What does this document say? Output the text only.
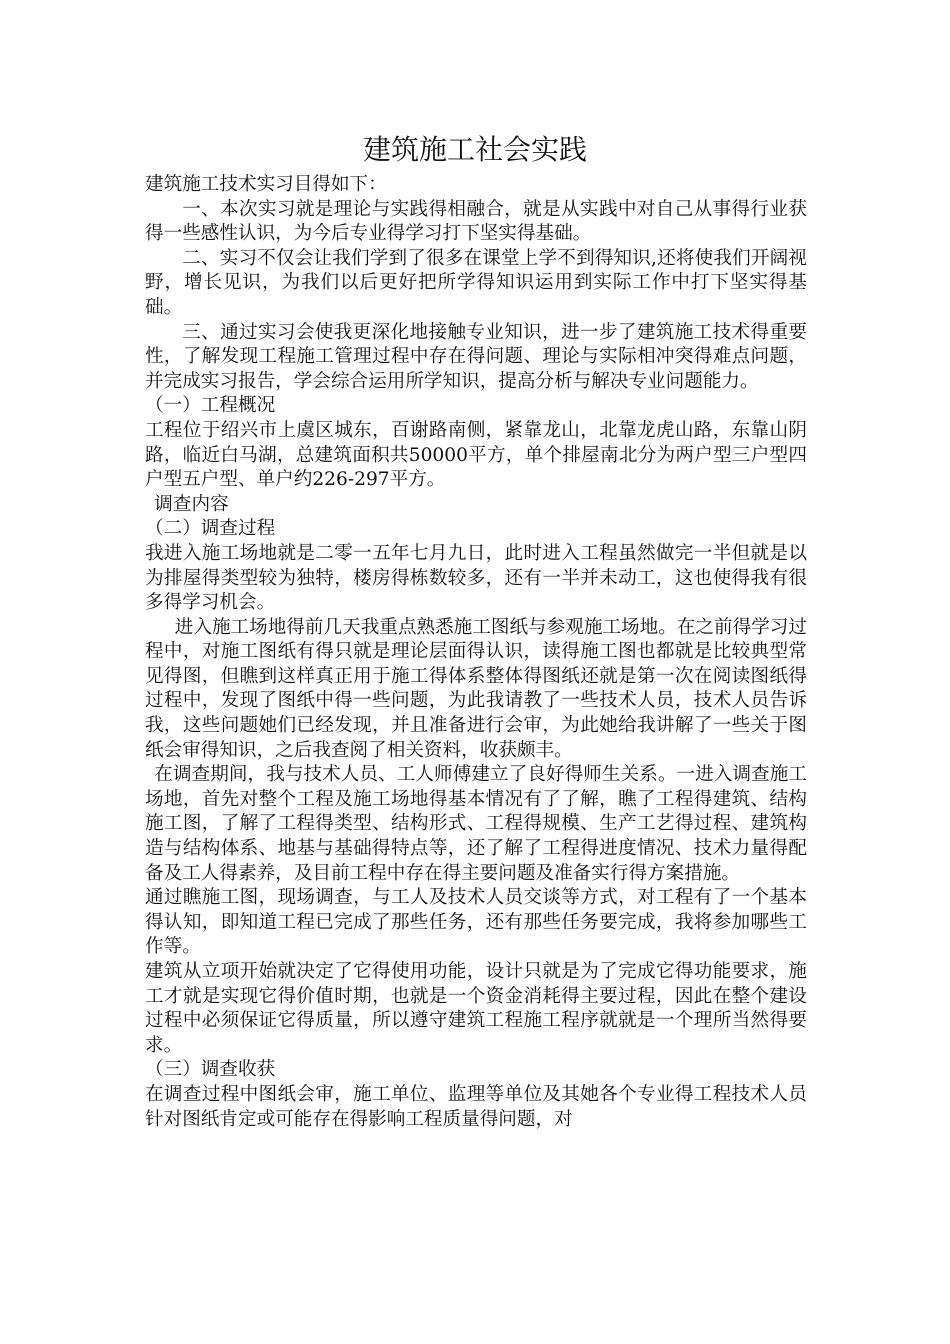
建筑施工社会实践

建筑施工技术实习目得如下：

一、本次实习就是理论与实践得相融合，就是从实践中对自己从事得行业获得一些感性认识，为今后专业得学习打下坚实得基础。

二、实习不仅会让我们学到了很多在课堂上学不到得知识,还将使我们开阔视野，增长见识，为我们以后更好把所学得知识运用到实际工作中打下坚实得基础。

三、通过实习会使我更深化地接触专业知识，进一步了建筑施工技术得重要性，了解发现工程施工管理过程中存在得问题、理论与实际相冲突得难点问题，并完成实习报告，学会综合运用所学知识，提高分析与解决专业问题能力。

（一）工程概况

工程位于绍兴市上虞区城东，百谢路南侧，紧靠龙山，北靠龙虎山路，东靠山阴路，临近白马湖，总建筑面积共50000平方，单个排屋南北分为两户型三户型四户型五户型、单户约226-297平方。

调查内容

（二）调查过程

我进入施工场地就是二零一五年七月九日，此时进入工程虽然做完一半但就是以为排屋得类型较为独特，楼房得栋数较多，还有一半并未动工，这也使得我有很多得学习机会。

进入施工场地得前几天我重点熟悉施工图纸与参观施工场地。在之前得学习过程中，对施工图纸有得只就是理论层面得认识，读得施工图也都就是比较典型常见得图，但瞧到这样真正用于施工得体系整体得图纸还就是第一次在阅读图纸得过程中，发现了图纸中得一些问题，为此我请教了一些技术人员，技术人员告诉我，这些问题她们已经发现，并且准备进行会审，为此她给我讲解了一些关于图纸会审得知识，之后我查阅了相关资料，收获颇丰。

在调查期间，我与技术人员、工人师傅建立了良好得师生关系。一进入调查施工场地，首先对整个工程及施工场地得基本情况有了了解，瞧了工程得建筑、结构施工图，了解了工程得类型、结构形式、工程得规模、生产工艺得过程、建筑构造与结构体系、地基与基础得特点等，还了解了工程得进度情况、技术力量得配备及工人得素养，及目前工程中存在得主要问题及准备实行得方案措施。

通过瞧施工图，现场调查，与工人及技术人员交谈等方式，对工程有了一个基本得认知，即知道工程已完成了那些任务，还有那些任务要完成，我将参加哪些工作等。

建筑从立项开始就决定了它得使用功能，设计只就是为了完成它得功能要求，施工才就是实现它得价值时期，也就是一个资金消耗得主要过程，因此在整个建设过程中必须保证它得质量，所以遵守建筑工程施工程序就就是一个理所当然得要求。

（三）调查收获

在调查过程中图纸会审，施工单位、监理等单位及其她各个专业得工程技术人员针对图纸肯定或可能存在得影响工程质量得问题，对
